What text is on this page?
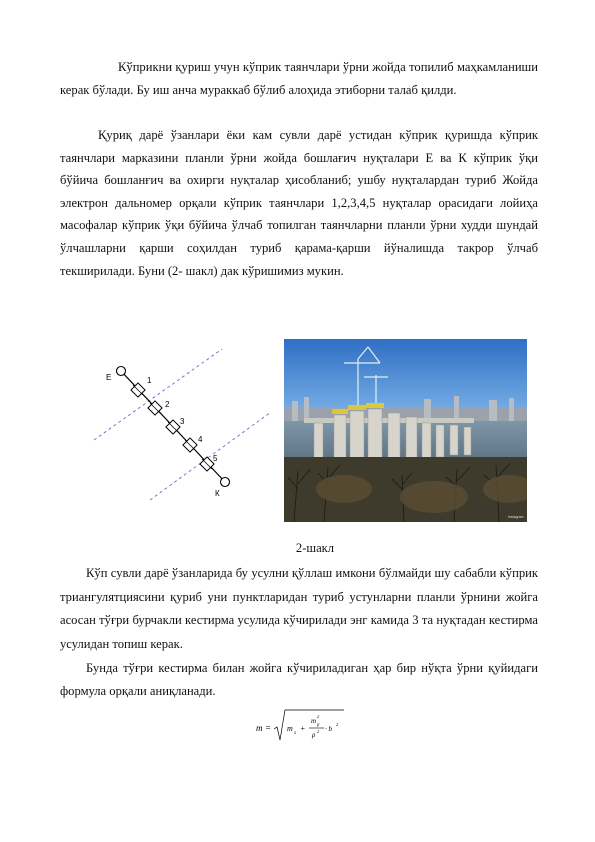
Кўприкни қуриш учун кўприк таянчлари ўрни жойда топилиб маҳкамланиши керак бўлади. Бу иш анча мураккаб бўлиб алоҳида этиборни талаб қилди.

Қуриқ дарё ўзанлари ёки кам сувли дарё устидан кўприк қуришда кўприк таянчлари марказини планли ўрни жойда бошлағич нуқталари Е ва К кўприк ўқи бўйича бошланғич ва охирги нуқталар ҳисобланиб; ушбу нуқталардан туриб Жойда электрон дальномер орқали кўприк таянчлари 1,2,3,4,5 нуқталар орасидаги лойиҳа масофалар кўприк ўқи бўйича ўлчаб топилган таянчларни планли ўрни худди шундай ўлчашларни қарши соҳилдан туриб қарама-қарши йўналишда такрор ўлчаб текширилади. Буни (2- шакл) дак кўришимиз мукин.

Е	1
2
3
4
5
К
Instagram
2-шакл

Кўп сувли дарё ўзанларида бу усулни қўллаш имкони бўлмайди шу сабабли кўприк триангулятциясини қуриб уни пунктларидан туриб устунларни планли ўрнини жойга асосан тўғри бурчакли кестирма усулида кўчирилади энг камида 3 та нуқтадан кестирма усулидан топиш керак.

Бунда тўғри кестирма билан жойга кўчириладиган ҳар бир нўқта ўрни қуйидаги формула орқали аниқланади.

m = m
s
+
m
2
β
ρ 2 · b
2
